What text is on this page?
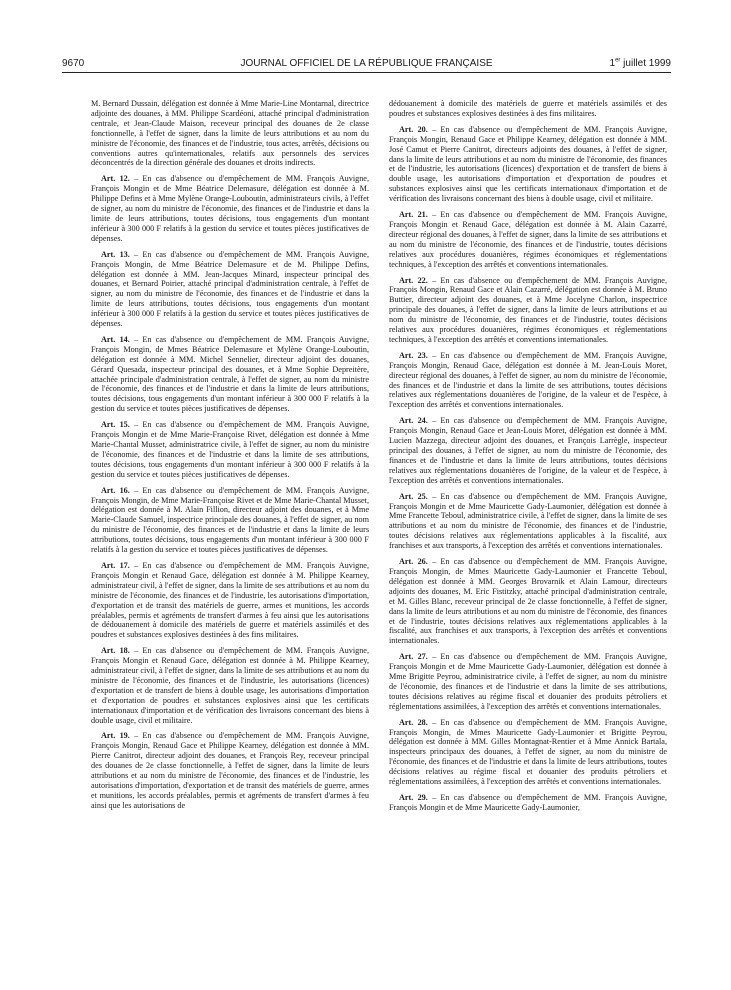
9670	JOURNAL OFFICIEL DE LA RÉPUBLIQUE FRANÇAISE	1er juillet 1999

M. Bernard Dussain, délégation est donnée à Mme Marie-Line Montarnal, directrice adjointe des douanes, à MM. Philippe Scardéoni, attaché principal d'administration centrale, et Jean-Claude Maison, receveur principal des douanes de 2e classe fonctionnelle, à l'effet de signer, dans la limite de leurs attributions et au nom du ministre de l'économie, des finances et de l'industrie, tous actes, arrêtés, décisions ou conventions autres qu'internationales, relatifs aux personnels des services déconcentrés de la direction générale des douanes et droits indirects.

Art. 12. – En cas d'absence ou d'empêchement de MM. François Auvigne, François Mongin et de Mme Béatrice Delemasure, délégation est donnée à M. Philippe Defins et à Mme Mylène Orange-Louboutin, administrateurs civils, à l'effet de signer, au nom du ministre de l'économie, des finances et de l'industrie et dans la limite de leurs attributions, toutes décisions, tous engagements d'un montant inférieur à 300 000 F relatifs à la gestion du service et toutes pièces justificatives de dépenses.

Art. 13. – En cas d'absence ou d'empêchement de MM. François Auvigne, François Mongin, de Mme Béatrice Delemasure et de M. Philippe Defins, délégation est donnée à MM. Jean-Jacques Minard, inspecteur principal des douanes, et Bernard Poirier, attaché principal d'administration centrale, à l'effet de signer, au nom du ministre de l'économie, des finances et de l'industrie et dans la limite de leurs attributions, toutes décisions, tous engagements d'un montant inférieur à 300 000 F relatifs à la gestion du service et toutes pièces justificatives de dépenses.

Art. 14. – En cas d'absence ou d'empêchement de MM. François Auvigne, François Mongin, de Mmes Béatrice Delemasure et Mylène Orange-Louboutin, délégation est donnée à MM. Michel Sennelier, directeur adjoint des douanes, Gérard Quesada, inspecteur principal des douanes, et à Mme Sophie Depreitère, attachée principale d'administration centrale, à l'effet de signer, au nom du ministre de l'économie, des finances et de l'industrie et dans la limite de leurs attributions, toutes décisions, tous engagements d'un montant inférieur à 300 000 F relatifs à la gestion du service et toutes pièces justificatives de dépenses.

Art. 15. – En cas d'absence ou d'empêchement de MM. François Auvigne, François Mongin et de Mme Marie-Françoise Rivet, délégation est donnée à Mme Marie-Chantal Musset, administratrice civile, à l'effet de signer, au nom du ministre de l'économie, des finances et de l'industrie et dans la limite de ses attributions, toutes décisions, tous engagements d'un montant inférieur à 300 000 F relatifs à la gestion du service et toutes pièces justificatives de dépenses.

Art. 16. – En cas d'absence ou d'empêchement de MM. François Auvigne, François Mongin, de Mme Marie-Françoise Rivet et de Mme Marie-Chantal Musset, délégation est donnée à M. Alain Fillion, directeur adjoint des douanes, et à Mme Marie-Claude Samuel, inspectrice principale des douanes, à l'effet de signer, au nom du ministre de l'économie, des finances et de l'industrie et dans la limite de leurs attributions, toutes décisions, tous engagements d'un montant inférieur à 300 000 F relatifs à la gestion du service et toutes pièces justificatives de dépenses.

Art. 17. – En cas d'absence ou d'empêchement de MM. François Auvigne, François Mongin et Renaud Gace, délégation est donnée à M. Philippe Kearney, administrateur civil, à l'effet de signer, dans la limite de ses attributions et au nom du ministre de l'économie, des finances et de l'industrie, les autorisations d'importation, d'exportation et de transit des matériels de guerre, armes et munitions, les accords préalables, permis et agréments de transfert d'armes à feu ainsi que les autorisations de dédouanement à domicile des matériels de guerre et matériels assimilés et des poudres et substances explosives destinées à des fins militaires.

Art. 18. – En cas d'absence ou d'empêchement de MM. François Auvigne, François Mongin et Renaud Gace, délégation est donnée à M. Philippe Kearney, administrateur civil, à l'effet de signer, dans la limite de ses attributions et au nom du ministre de l'économie, des finances et de l'industrie, les autorisations (licences) d'exportation et de transfert de biens à double usage, les autorisations d'importation et d'exportation de poudres et substances explosives ainsi que les certificats internationaux d'importation et de vérification des livraisons concernant des biens à double usage, civil et militaire.

Art. 19. – En cas d'absence ou d'empêchement de MM. François Auvigne, François Mongin, Renaud Gace et Philippe Kearney, délégation est donnée à MM. Pierre Canitrot, directeur adjoint des douanes, et François Rey, receveur principal des douanes de 2e classe fonctionnelle, à l'effet de signer, dans la limite de leurs attributions et au nom du ministre de l'économie, des finances et de l'industrie, les autorisations d'importation, d'exportation et de transit des matériels de guerre, armes et munitions, les accords préalables, permis et agréments de transfert d'armes à feu ainsi que les autorisations de

dédouanement à domicile des matériels de guerre et matériels assimilés et des poudres et substances explosives destinées à des fins militaires.

Art. 20. – En cas d'absence ou d'empêchement de MM. François Auvigne, François Mongin, Renaud Gace et Philippe Kearney, délégation est donnée à MM. José Camut et Pierre Canitrot, directeurs adjoints des douanes, à l'effet de signer, dans la limite de leurs attributions et au nom du ministre de l'économie, des finances et de l'industrie, les autorisations (licences) d'exportation et de transfert de biens à double usage, les autorisations d'importation et d'exportation de poudres et substances explosives ainsi que les certificats internationaux d'importation et de vérification des livraisons concernant des biens à double usage, civil et militaire.

Art. 21. – En cas d'absence ou d'empêchement de MM. François Auvigne, François Mongin et Renaud Gace, délégation est donnée à M. Alain Cazarré, directeur régional des douanes, à l'effet de signer, dans la limite de ses attributions et au nom du ministre de l'économie, des finances et de l'industrie, toutes décisions relatives aux procédures douanières, régimes économiques et réglementations techniques, à l'exception des arrêtés et conventions internationales.

Art. 22. – En cas d'absence ou d'empêchement de MM. François Auvigne, François Mongin, Renaud Gace et Alain Cazarré, délégation est donnée à M. Bruno Buttier, directeur adjoint des douanes, et à Mme Jocelyne Charlon, inspectrice principale des douanes, à l'effet de signer, dans la limite de leurs attributions et au nom du ministre de l'économie, des finances et de l'industrie, toutes décisions relatives aux procédures douanières, régimes économiques et réglementations techniques, à l'exception des arrêtés et conventions internationales.

Art. 23. – En cas d'absence ou d'empêchement de MM. François Auvigne, François Mongin, Renaud Gace, délégation est donnée à M. Jean-Louis Moret, directeur régional des douanes, à l'effet de signer, au nom du ministre de l'économie, des finances et de l'industrie et dans la limite de ses attributions, toutes décisions relatives aux réglementations douanières de l'origine, de la valeur et de l'espèce, à l'exception des arrêtés et conventions internationales.

Art. 24. – En cas d'absence ou d'empêchement de MM. François Auvigne, François Mongin, Renaud Gace et Jean-Louis Moret, délégation est donnée à MM. Lucien Mazzega, directeur adjoint des douanes, et François Larrègle, inspecteur principal des douanes, à l'effet de signer, au nom du ministre de l'économie, des finances et de l'industrie et dans la limite de leurs attributions, toutes décisions relatives aux réglementations douanières de l'origine, de la valeur et de l'espèce, à l'exception des arrêtés et conventions internationales.

Art. 25. – En cas d'absence ou d'empêchement de MM. François Auvigne, François Mongin et de Mme Mauricette Gady-Laumonier, délégation est donnée à Mme Francette Teboul, administratrice civile, à l'effet de signer, dans la limite de ses attributions et au nom du ministre de l'économie, des finances et de l'industrie, toutes décisions relatives aux réglementations applicables à la fiscalité, aux franchises et aux transports, à l'exception des arrêtés et conventions internationales.

Art. 26. – En cas d'absence ou d'empêchement de MM. François Auvigne, François Mongin, de Mmes Mauricette Gady-Laumonier et Francette Teboul, délégation est donnée à MM. Georges Brovarnik et Alain Lamour, directeurs adjoints des douanes, M. Eric Fistitzky, attaché principal d'administration centrale, et M. Gilles Blanc, receveur principal de 2e classe fonctionnelle, à l'effet de signer, dans la limite de leurs attributions et au nom du ministre de l'économie, des finances et de l'industrie, toutes décisions relatives aux réglementations applicables à la fiscalité, aux franchises et aux transports, à l'exception des arrêtés et conventions internationales.

Art. 27. – En cas d'absence ou d'empêchement de MM. François Auvigne, François Mongin et de Mme Mauricette Gady-Laumonier, délégation est donnée à Mme Brigitte Peyrou, administratrice civile, à l'effet de signer, au nom du ministre de l'économie, des finances et de l'industrie et dans la limite de ses attributions, toutes décisions relatives au régime fiscal et douanier des produits pétroliers et réglementations assimilées, à l'exception des arrêtés et conventions internationales.

Art. 28. – En cas d'absence ou d'empêchement de MM. François Auvigne, François Mongin, de Mmes Mauricette Gady-Laumonier et Brigitte Peyrou, délégation est donnée à MM. Gilles Montagnat-Rentier et à Mme Annick Bartala, inspecteurs principaux des douanes, à l'effet de signer, au nom du ministre de l'économie, des finances et de l'industrie et dans la limite de leurs attributions, toutes décisions relatives au régime fiscal et douanier des produits pétroliers et réglementations assimilées, à l'exception des arrêtés et conventions internationales.

Art. 29. – En cas d'absence ou d'empêchement de MM. François Auvigne, François Mongin et de Mme Mauricette Gady-Laumonier,
